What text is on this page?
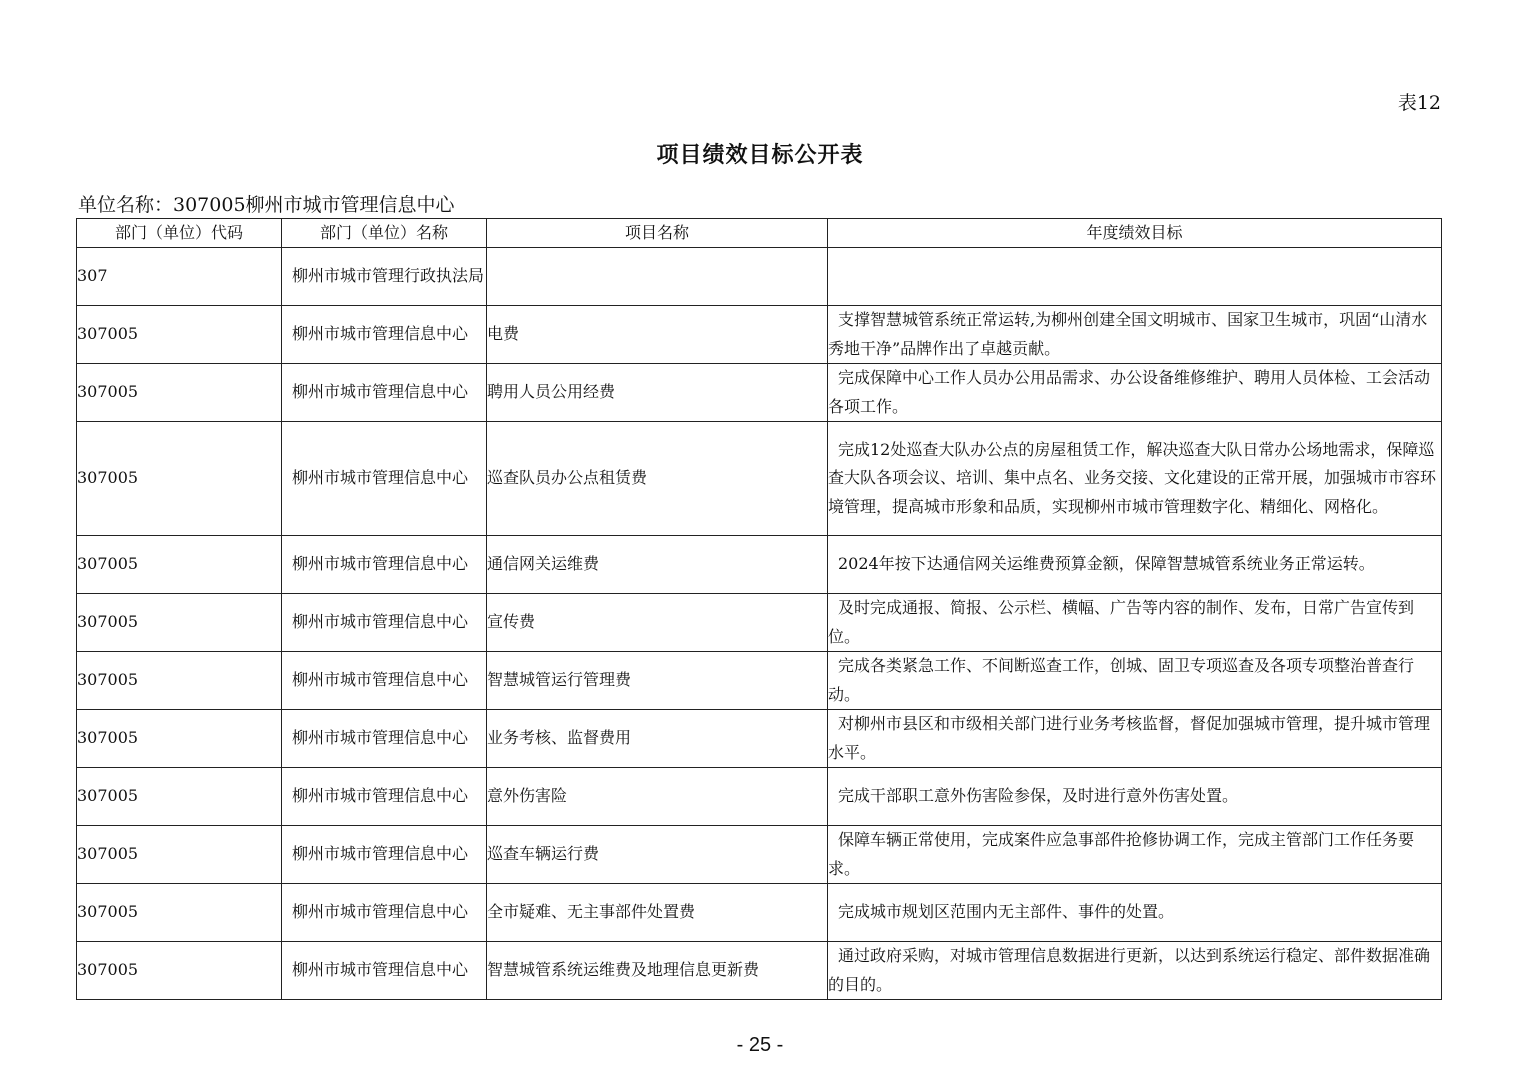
表12
项目绩效目标公开表
单位名称：307005柳州市城市管理信息中心
部门（单位）代码	部门（单位）名称	项目名称	年度绩效目标
307	柳州市城市管理行政执法局		

307005	柳州市城市管理信息中心	电费	支撑智慧城管系统正常运转,为柳州创建全国文明城市、国家卫生城市，巩固“山清水秀地干净”品牌作出了卓越贡献。

307005	柳州市城市管理信息中心	聘用人员公用经费	完成保障中心工作人员办公用品需求、办公设备维修维护、聘用人员体检、工会活动各项工作。

307005	柳州市城市管理信息中心	巡查队员办公点租赁费	完成12处巡查大队办公点的房屋租赁工作，解决巡查大队日常办公场地需求，保障巡查大队各项会议、培训、集中点名、业务交接、文化建设的正常开展，加强城市市容环境管理，提高城市形象和品质，实现柳州市城市管理数字化、精细化、网格化。

307005	柳州市城市管理信息中心	通信网关运维费	2024年按下达通信网关运维费预算金额，保障智慧城管系统业务正常运转。

307005	柳州市城市管理信息中心	宣传费	及时完成通报、简报、公示栏、横幅、广告等内容的制作、发布，日常广告宣传到位。

307005	柳州市城市管理信息中心	智慧城管运行管理费	完成各类紧急工作、不间断巡查工作，创城、固卫专项巡查及各项专项整治普查行动。

307005	柳州市城市管理信息中心	业务考核、监督费用	对柳州市县区和市级相关部门进行业务考核监督，督促加强城市管理，提升城市管理水平。

307005	柳州市城市管理信息中心	意外伤害险	完成干部职工意外伤害险参保，及时进行意外伤害处置。

307005	柳州市城市管理信息中心	巡查车辆运行费	保障车辆正常使用，完成案件应急事部件抢修协调工作，完成主管部门工作任务要求。

307005	柳州市城市管理信息中心	全市疑难、无主事部件处置费	完成城市规划区范围内无主部件、事件的处置。

307005	柳州市城市管理信息中心	智慧城管系统运维费及地理信息更新费	通过政府采购，对城市管理信息数据进行更新，以达到系统运行稳定、部件数据准确的目的。
- 25 -
